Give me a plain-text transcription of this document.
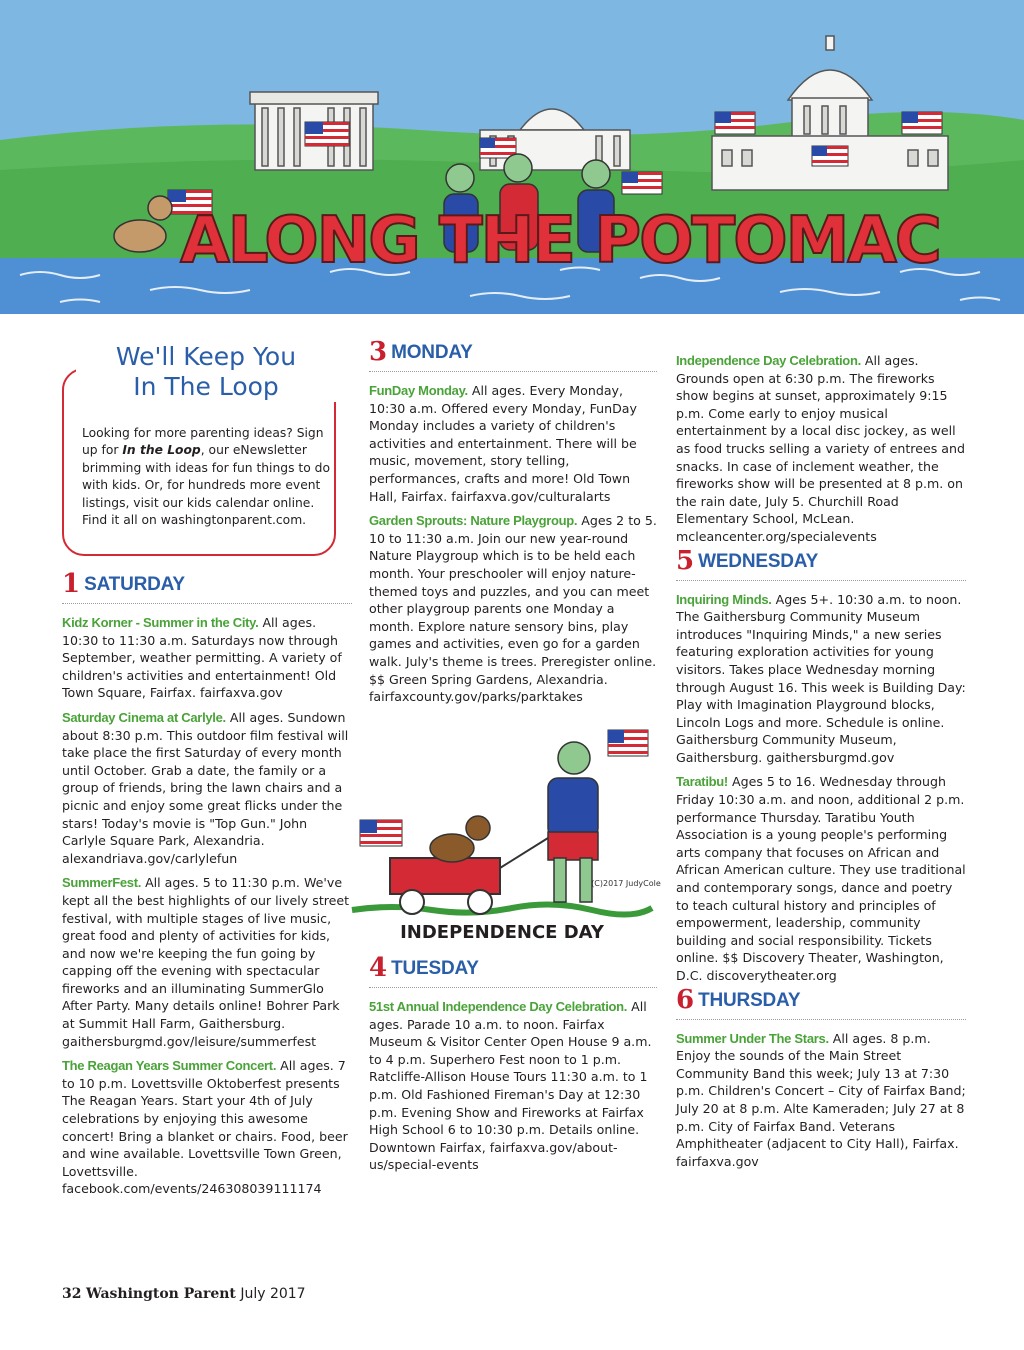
ALONG THE POTOMAC
We'll Keep You
In The Loop
Looking for more parenting ideas? Sign up for In the Loop, our eNewsletter brimming with ideas for fun things to do with kids. Or, for hundreds more event listings, visit our kids calendar online. Find it all on washingtonparent.com.
1 SATURDAY

Kidz Korner - Summer in the City. All ages. 10:30 to 11:30 a.m. Saturdays now through September, weather permitting. A variety of children's activities and entertainment! Old Town Square, Fairfax. fairfaxva.gov

Saturday Cinema at Carlyle. All ages. Sundown about 8:30 p.m. This outdoor film festival will take place the first Saturday of every month until October. Grab a date, the family or a group of friends, bring the lawn chairs and a picnic and enjoy some great flicks under the stars! Today's movie is "Top Gun." John Carlyle Square Park, Alexandria. alexandriava.gov/carlylefun

SummerFest. All ages. 5 to 11:30 p.m. We've kept all the best highlights of our lively street festival, with multiple stages of live music, great food and plenty of activities for kids, and now we're keeping the fun going by capping off the evening with spectacular fireworks and an illuminating SummerGlo After Party. Many details online! Bohrer Park at Summit Hall Farm, Gaithersburg. gaithersburgmd.gov/leisure/summerfest

The Reagan Years Summer Concert. All ages. 7 to 10 p.m. Lovettsville Oktoberfest presents The Reagan Years. Start your 4th of July celebrations by enjoying this awesome concert! Bring a blanket or chairs. Food, beer and wine available. Lovettsville Town Green, Lovettsville. facebook.com/events/246308039111174

3 MONDAY

FunDay Monday. All ages. Every Monday, 10:30 a.m. Offered every Monday, FunDay Monday includes a variety of children's activities and entertainment. There will be music, movement, story telling, performances, crafts and more! Old Town Hall, Fairfax. fairfaxva.gov/culturalarts

Garden Sprouts: Nature Playgroup. Ages 2 to 5. 10 to 11:30 a.m. Join our new year-round Nature Playgroup which is to be held each month. Your preschooler will enjoy nature-themed toys and puzzles, and you can meet other playgroup parents one Monday a month. Explore nature sensory bins, play games and activities, even go for a garden walk. July's theme is trees. Preregister online. $$ Green Spring Gardens, Alexandria. fairfaxcounty.gov/parks/parktakes

(C)2017 JudyCole
INDEPENDENCE DAY
4 TUESDAY

51st Annual Independence Day Celebration. All ages. Parade 10 a.m. to noon. Fairfax Museum & Visitor Center Open House 9 a.m. to 4 p.m. Superhero Fest noon to 1 p.m. Ratcliffe-Allison House Tours 11:30 a.m. to 1 p.m. Old Fashioned Fireman's Day at 12:30 p.m. Evening Show and Fireworks at Fairfax High School 6 to 10:30 p.m. Details online. Downtown Fairfax, fairfaxva.gov/about-us/special-events

Independence Day Celebration. All ages. Grounds open at 6:30 p.m. The fireworks show begins at sunset, approximately 9:15 p.m. Come early to enjoy musical entertainment by a local disc jockey, as well as food trucks selling a variety of entrees and snacks. In case of inclement weather, the fireworks show will be presented at 8 p.m. on the rain date, July 5. Churchill Road Elementary School, McLean. mcleancenter.org/specialevents

5 WEDNESDAY

Inquiring Minds. Ages 5+. 10:30 a.m. to noon. The Gaithersburg Community Museum introduces "Inquiring Minds," a new series featuring exploration activities for young visitors. Takes place Wednesday morning through August 16. This week is Building Day: Play with Imagination Playground blocks, Lincoln Logs and more. Schedule is online. Gaithersburg Community Museum, Gaithersburg. gaithersburgmd.gov

Taratibu! Ages 5 to 16. Wednesday through Friday 10:30 a.m. and noon, additional 2 p.m. performance Thursday. Taratibu Youth Association is a young people's performing arts company that focuses on African and African American culture. They use traditional and contemporary songs, dance and poetry to teach cultural history and principles of empowerment, leadership, community building and social responsibility. Tickets online. $$ Discovery Theater, Washington, D.C. discoverytheater.org

6 THURSDAY

Summer Under The Stars. All ages. 8 p.m. Enjoy the sounds of the Main Street Community Band this week; July 13 at 7:30 p.m. Children's Concert – City of Fairfax Band; July 20 at 8 p.m. Alte Kameraden; July 27 at 8 p.m. City of Fairfax Band. Veterans Amphitheater (adjacent to City Hall), Fairfax. fairfaxva.gov

32 Washington Parent July 2017
